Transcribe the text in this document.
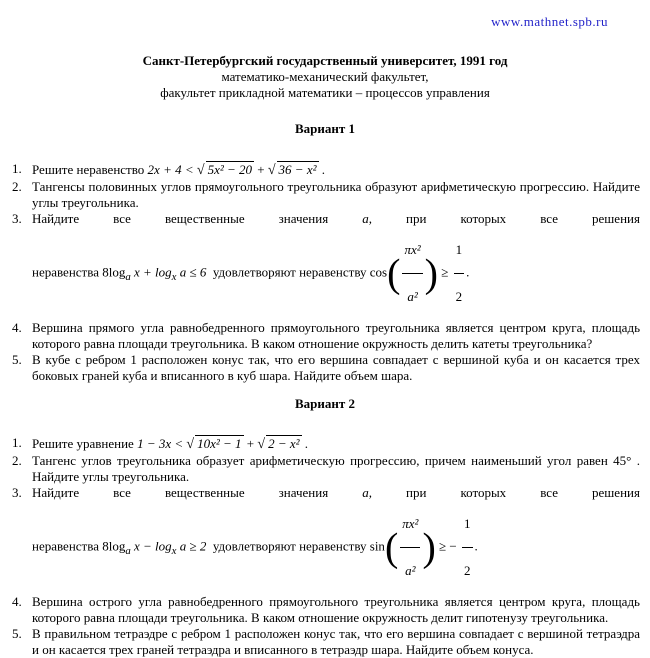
www.mathnet.spb.ru
Санкт-Петербургский государственный университет, 1991 год
математико-механический факультет,
факультет прикладной математики – процессов управления
Вариант 1
1. Решите неравенство 2x + 4 < √ 5x² − 20 + √ 36 − x² .
2. Тангенсы половинных углов прямоугольного треугольника образуют арифметическую прогрессию. Найдите углы треугольника.
3. Найдите	все	вещественные	значения	a,	при	которых	все	решения
неравенства $8\log_a$ $x + \log_x a \le 6$ удовлетворяют неравенству $\cos( \frac{\text{πx²}}{\text{a²}}$ ) ≥ $\frac{1}{2}$ .
4. Вершина прямого угла равнобедренного прямоугольного треугольника является центром круга, площадь которого равна площади треугольника. В каком отношение окружность делить катеты треугольника?
5. В кубе с ребром 1 расположен конус так, что его вершина совпадает с вершиной куба и он касается трех боковых граней куба и вписанного в куб шара. Найдите объем шара.
Вариант 2
1. Решите уравнение 1 − 3x < √ 10x² − 1 + √ 2 − x² .
2. Тангенс углов треугольника образует арифметическую прогрессию, причем наименьший угол равен 45° . Найдите углы треугольника.
3. Найдите	все	вещественные	значения	a,	при	которых	все	решения
неравенства $8\log_a$ $x - \log_x a \ge 2$ удовлетворяют неравенству $\sin( \frac{\text{πx²}}{\text{a²}}$ ) ≥ − $\frac{1}{2}$ .
4. Вершина острого угла равнобедренного прямоугольного треугольника является центром круга, площадь которого равна площади треугольника. В каком отношение окружность делит гипотенузу треугольника.
5. В правильном тетраэдре с ребром 1 расположен конус так, что его вершина совпадает с вершиной тетраэдра и он касается трех граней тетраэдра и вписанного в тетраэдр шара. Найдите объем конуса.
